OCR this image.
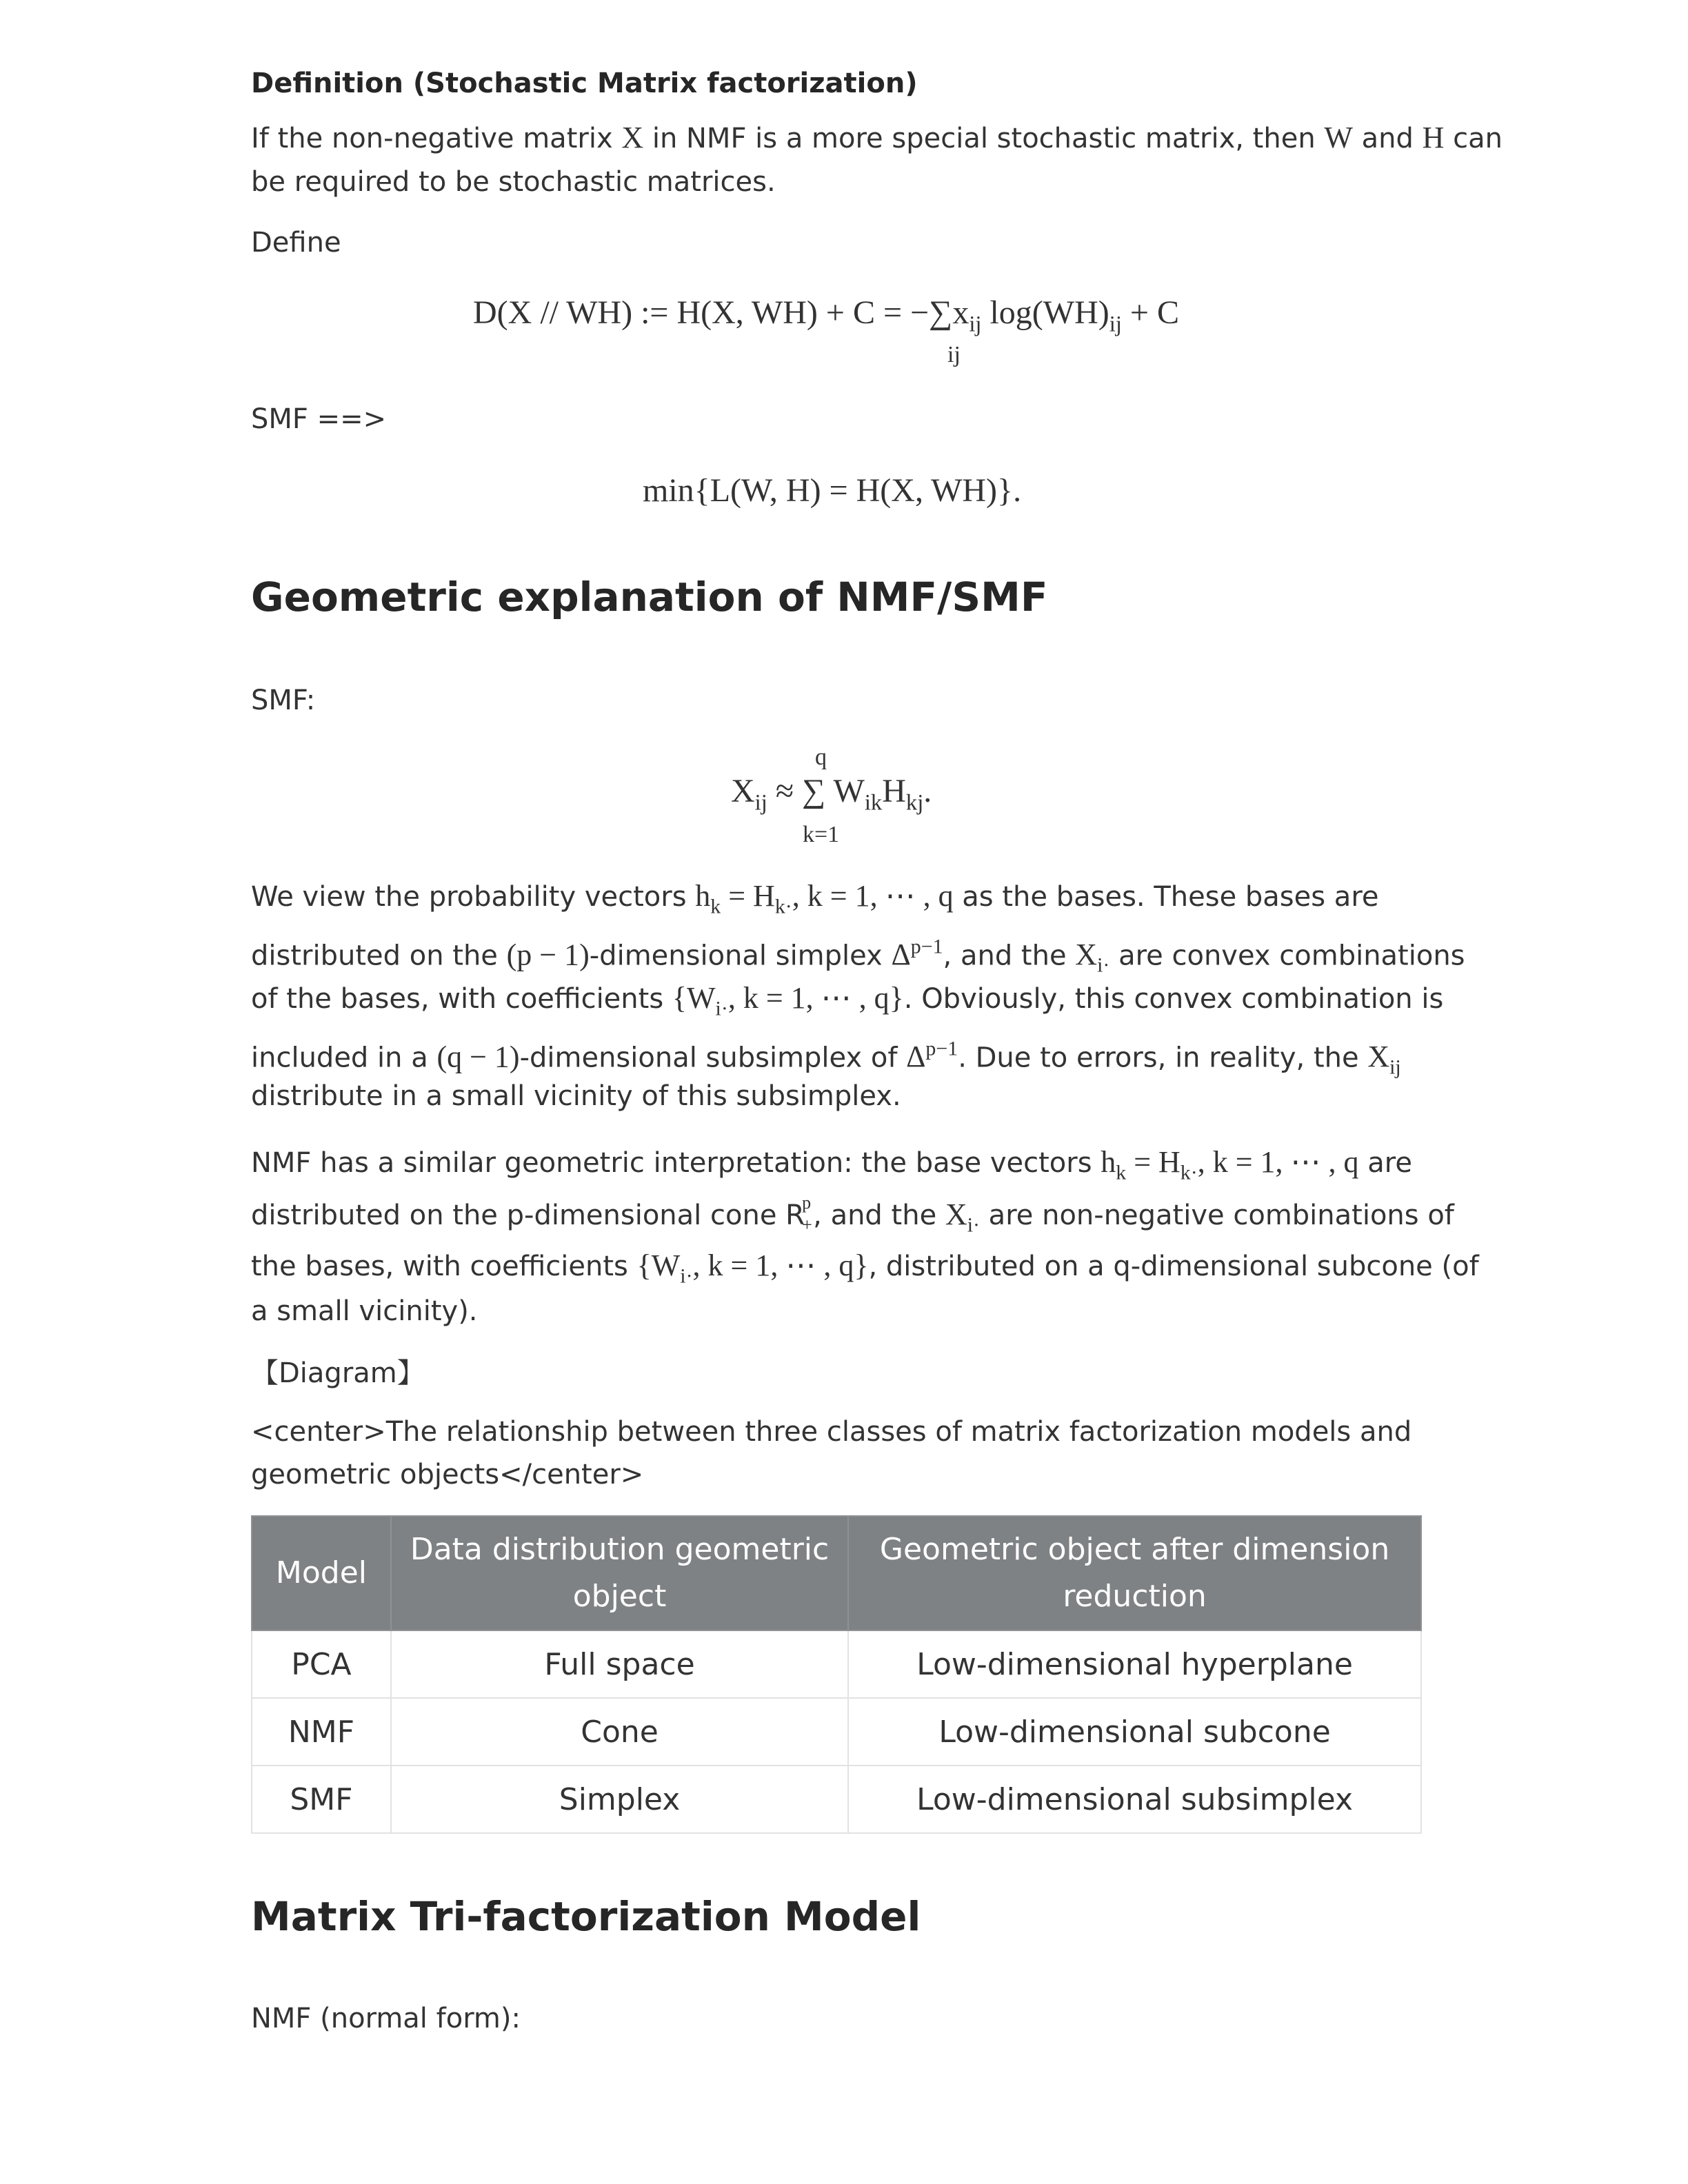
Definition (Stochastic Matrix factorization)

If the non-negative matrix X in NMF is a more special stochastic matrix, then W and H can

be required to be stochastic matrices.

Define

D(X // WH) := H(X, $WH) + C = -\sum x_{ij}$ $\log(WH)_{ij} + C$
ij

SMF ==>

min{L(W, H) = H(X, WH)}.
Geometric explanation of NMF/SMF

SMF:

q
$X_{ij}$ ≈ ∑ $W_{ik}H_{kj}$.
k=1

We view the probability vectors $h_k = H_{k\cdot}$, k = 1, ⋯ , q as the bases. These bases are

distributed on the (p − 1)-dimensional simplex $\Delta^{p-1}$, and the $X_{i\cdot}$ are convex combinations

of the bases, with coefficients {$W_{i\cdot}$, k = 1, ⋯ , q}. Obviously, this convex combination is

included in a (q − 1)-dimensional subsimplex of $\Delta^{p-1}$. Due to errors, in reality, the $X_{ij}$

distribute in a small vicinity of this subsimplex.

NMF has a similar geometric interpretation: the base vectors $h_k = H_{k\cdot}$, k = 1, ⋯ , q are

distributed on the p-dimensional cone R
p
+ , and the $X_{i\cdot}$ are non-negative combinations of

the bases, with coefficients {$W_{i\cdot}$, k = 1, ⋯ , q}, distributed on a q-dimensional subcone (of

a small vicinity).

【Diagram】

<center>The relationship between three classes of matrix factorization models and
geometric objects</center>

Model	Data distribution geometric object	Geometric object after dimension reduction
PCA	Full space	Low-dimensional hyperplane
NMF	Cone	Low-dimensional subcone
SMF	Simplex	Low-dimensional subsimplex
Matrix Tri-factorization Model

NMF (normal form):
